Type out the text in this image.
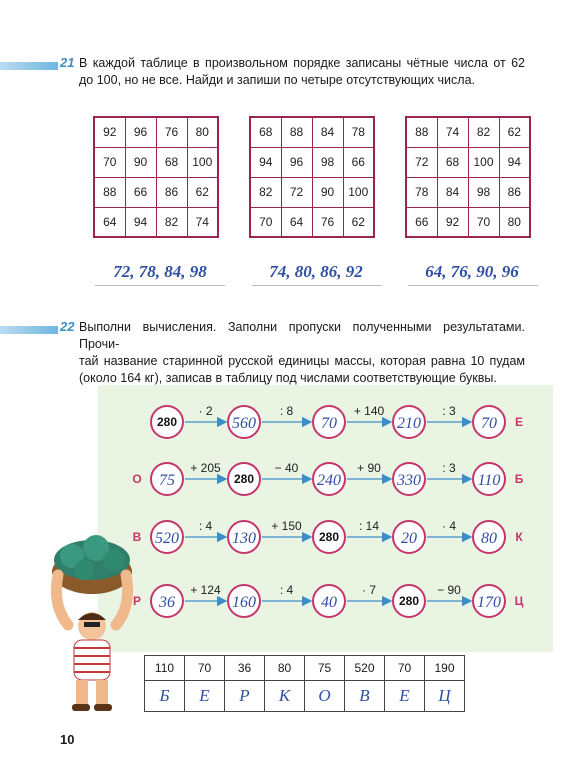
21 В каждой таблице в произвольном порядке записаны чётные числа от 62
до 100, но не все. Найди и запиши по четыре отсутствующих числа.
92	96	76	80
70	90	68	100
88	66	86	62
64	94	82	74
68	88	84	78
94	96	98	66
82	72	90	100
70	64	76	62
88	74	82	62
72	68	100	94
78	84	98	86
66	92	70	80
72, 78, 84, 98	74, 80, 86, 92	64, 76, 90, 96
22 Выполни вычисления. Заполни пропуски полученными результатами. Прочи-
тай название старинной русской единицы массы, которая равна 10 пудам
(около 164 кг), записав в таблицу под числами соответствующие буквы.
· 2	: 8	+ 140	: 3
280	560	70	210	70 Е
+ 205	− 40	+ 90	: 3
75	280	240	330	110
О	Б
: 4	+ 150	: 14	· 4
520	130	280	20	80
В	К
+ 124	: 4	· 7	− 90
36	160	40	280	170
Р	Ц
110	70	36	80	75	520	70	190
Б	Е	Р	К	О	В	Е	Ц
10
